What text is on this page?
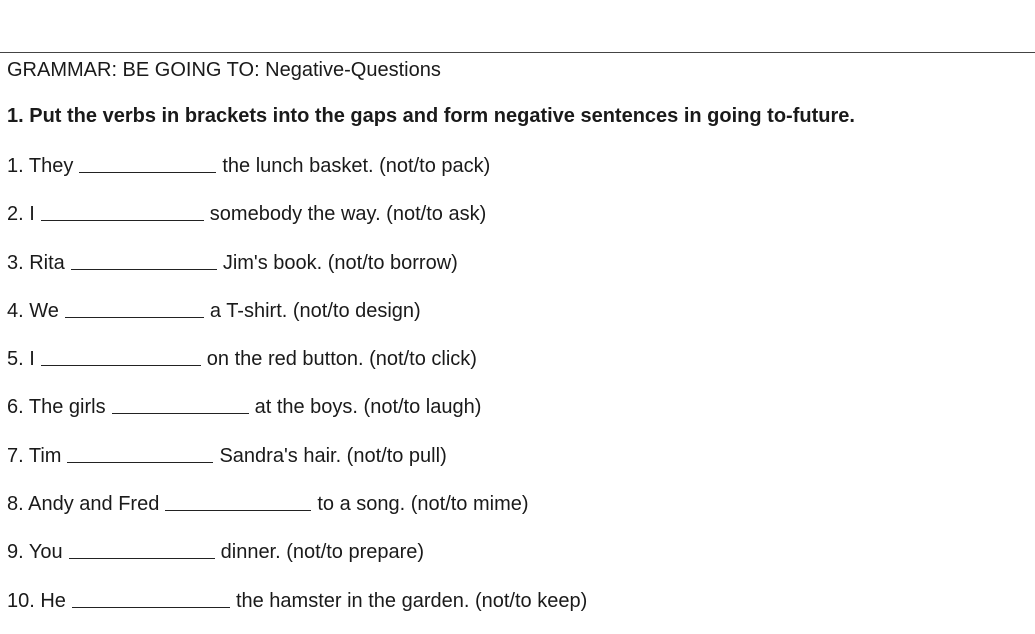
GRAMMAR: BE GOING TO: Negative-Questions
1. Put the verbs in brackets into the gaps and form negative sentences in going to-future.
1. They	the lunch basket. (not/to pack)
2. I	somebody the way. (not/to ask)
3. Rita	Jim's book. (not/to borrow)
4. We	a T-shirt. (not/to design)
5. I	on the red button. (not/to click)
6. The girls	at the boys. (not/to laugh)
7. Tim	Sandra's hair. (not/to pull)
8. Andy and Fred	to a song. (not/to mime)
9. You	dinner. (not/to prepare)
10. He	the hamster in the garden. (not/to keep)
